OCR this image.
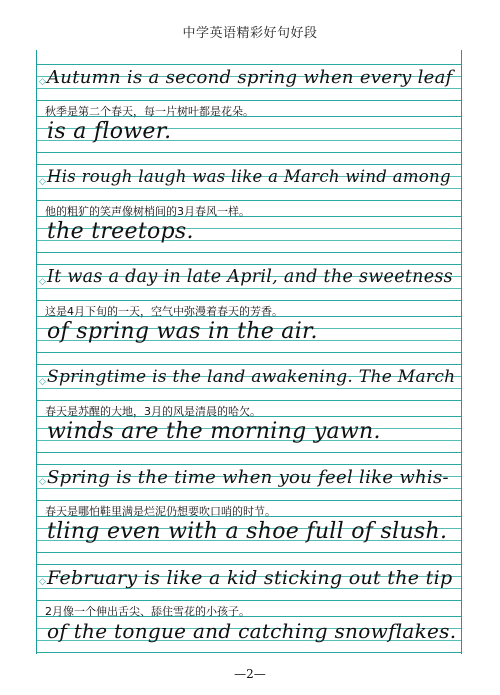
中学英语精彩好句好段
◇ Autumn is a second spring when every leaf
秋季是第二个春天，每一片树叶都是花朵。
is a flower.
◇ His rough laugh was like a March wind among
他的粗犷的笑声像树梢间的3月春风一样。
the treetops.
◇ It was a day in late April, and the sweetness
这是4月下旬的一天，空气中弥漫着春天的芳香。
of spring was in the air.
◇ Springtime is the land awakening. The March
春天是苏醒的大地，3月的风是清晨的哈欠。
winds are the morning yawn.
◇ Spring is the time when you feel like whis-
春天是哪怕鞋里满是烂泥仍想要吹口哨的时节。
tling even with a shoe full of slush.
◇ February is like a kid sticking out the tip
2月像一个伸出舌尖、舔住雪花的小孩子。
of the tongue and catching snowflakes.
—2—
